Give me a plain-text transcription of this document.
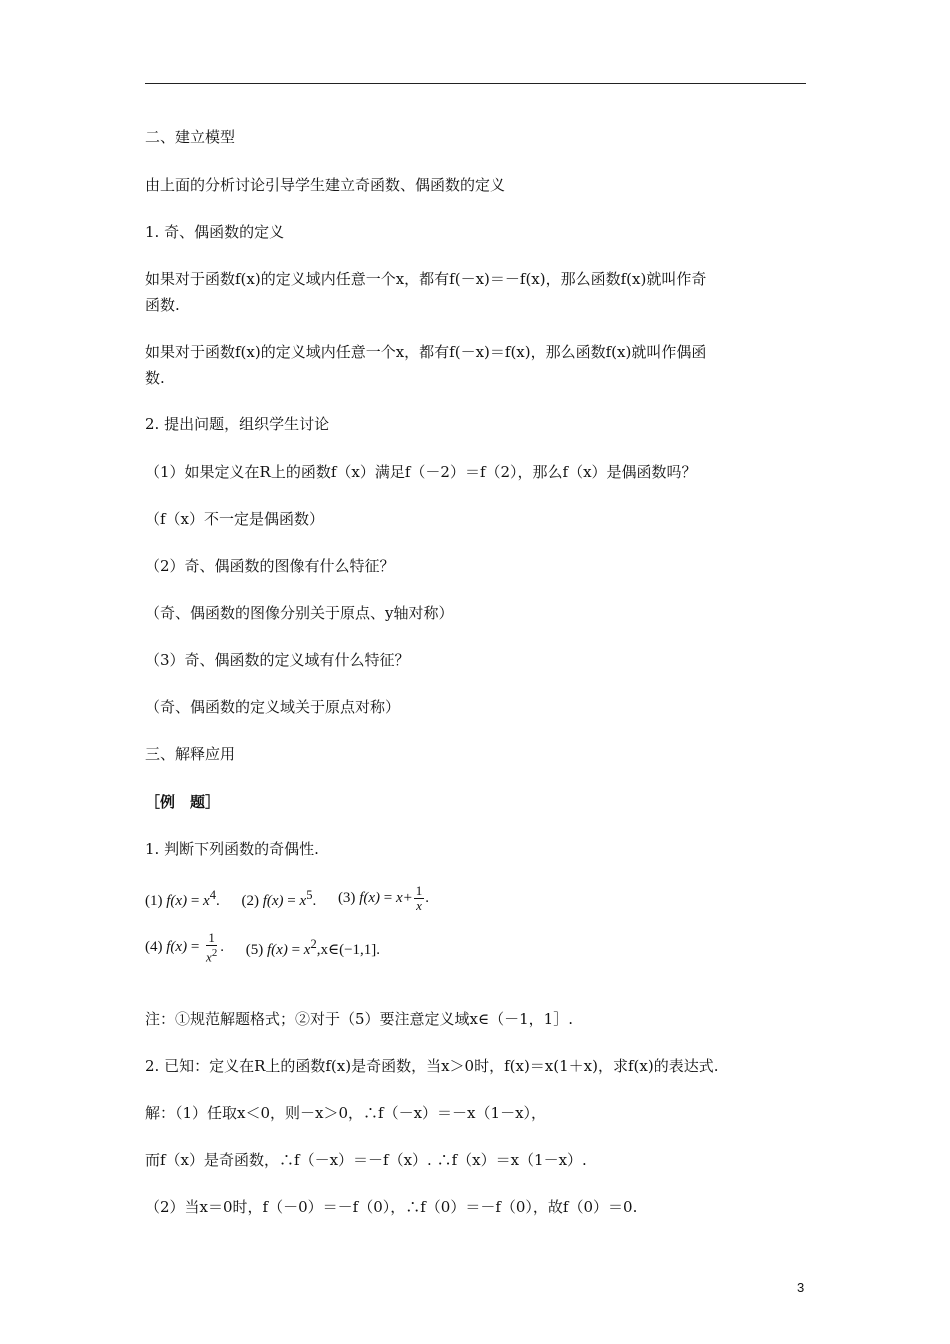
二、建立模型
由上面的分析讨论引导学生建立奇函数、偶函数的定义
1. 奇、偶函数的定义
如果对于函数f(x)的定义域内任意一个x，都有f(－x)＝－f(x)，那么函数f(x)就叫作奇
函数.
如果对于函数f(x)的定义域内任意一个x，都有f(－x)＝f(x)，那么函数f(x)就叫作偶函
数.
2. 提出问题，组织学生讨论
（1）如果定义在R上的函数f（x）满足f（－2）＝f（2），那么f（x）是偶函数吗？
（f（x）不一定是偶函数）
（2）奇、偶函数的图像有什么特征？
（奇、偶函数的图像分别关于原点、y轴对称）
（3）奇、偶函数的定义域有什么特征？
（奇、偶函数的定义域关于原点对称）
三、解释应用
［例　题］
1. 判断下列函数的奇偶性.
(1) $f(x) = x^4$. (2) $f(x) = x^5$. (3) $f(x) = x+ \frac{1}{x}$ .
(4) $f(x) = \frac{1}{x^2}$ . (5) $f(x) = x^2,x\in(-1,1]$.
注：①规范解题格式；②对于（5）要注意定义域x∈（－1，1］.
2. 已知：定义在R上的函数f(x)是奇函数，当x＞0时，f(x)＝x(1＋x)，求f(x)的表达式.
解：（1）任取x＜0，则－x＞0，∴f（－x）＝－x（1－x），
而f（x）是奇函数，∴f（－x）＝－f（x）. ∴f（x）＝x（1－x）.
（2）当x＝0时，f（－0）＝－f（0），∴f（0）＝－f（0），故f（0）＝0.
3
